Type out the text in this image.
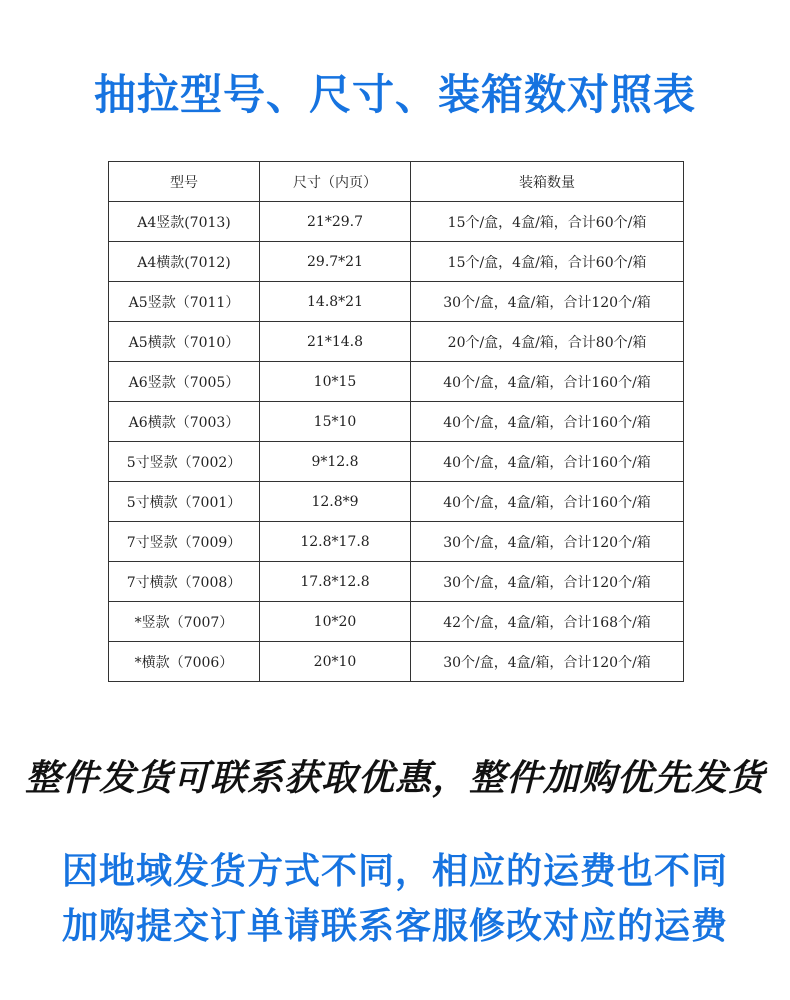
抽拉型号、尺寸、装箱数对照表
型号	尺寸（内页）	装箱数量
A4竖款(7013)	21*29.7	15个/盒，4盒/箱，合计60个/箱
A4横款(7012)	29.7*21	15个/盒，4盒/箱，合计60个/箱
A5竖款（7011）	14.8*21	30个/盒，4盒/箱，合计120个/箱
A5横款（7010）	21*14.8	20个/盒，4盒/箱，合计80个/箱
A6竖款（7005）	10*15	40个/盒，4盒/箱，合计160个/箱
A6横款（7003）	15*10	40个/盒，4盒/箱，合计160个/箱
5寸竖款（7002）	9*12.8	40个/盒，4盒/箱，合计160个/箱
5寸横款（7001）	12.8*9	40个/盒，4盒/箱，合计160个/箱
7寸竖款（7009）	12.8*17.8	30个/盒，4盒/箱，合计120个/箱
7寸横款（7008）	17.8*12.8	30个/盒，4盒/箱，合计120个/箱
*竖款（7007）	10*20	42个/盒，4盒/箱，合计168个/箱
*横款（7006）	20*10	30个/盒，4盒/箱，合计120个/箱
整件发货可联系获取优惠，整件加购优先发货
因地域发货方式不同，相应的运费也不同
加购提交订单请联系客服修改对应的运费
